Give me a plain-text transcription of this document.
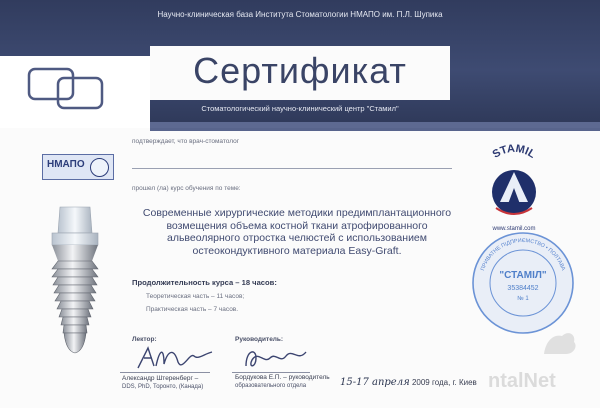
Научно-клиническая база Института Стоматологии НМАПО им. П.Л. Шупика
Сертификат
Стоматологический научно-клинический центр "Стамил"
НМАПО
подтверждает, что врач-стоматолог
прошел (ла) курс обучения по теме:
Современные хирургические методики предимплантационного возмещения объема костной ткани атрофированного альвеолярного отростка челюстей с использованием остеокондуктивного материала Easy-Graft.
Продолжительность курса – 18 часов:
Теоретическая часть – 11 часов;
Практическая часть – 7 часов.
Лектор:
Александр Штеренберг –
DDS, PhD, Торонто, (Канада)
Руководитель:
Бордукова Е.П. – руководитель
образовательного отдела	15-17 апреля 2009 года, г. Киев
STAMIL
www.stamil.com
ПРИВАТНЕ ПІДПРИЄМСТВО • ПОЛТАВА
"СТАМІЛ"
35384452
№ 1
ntalNet
